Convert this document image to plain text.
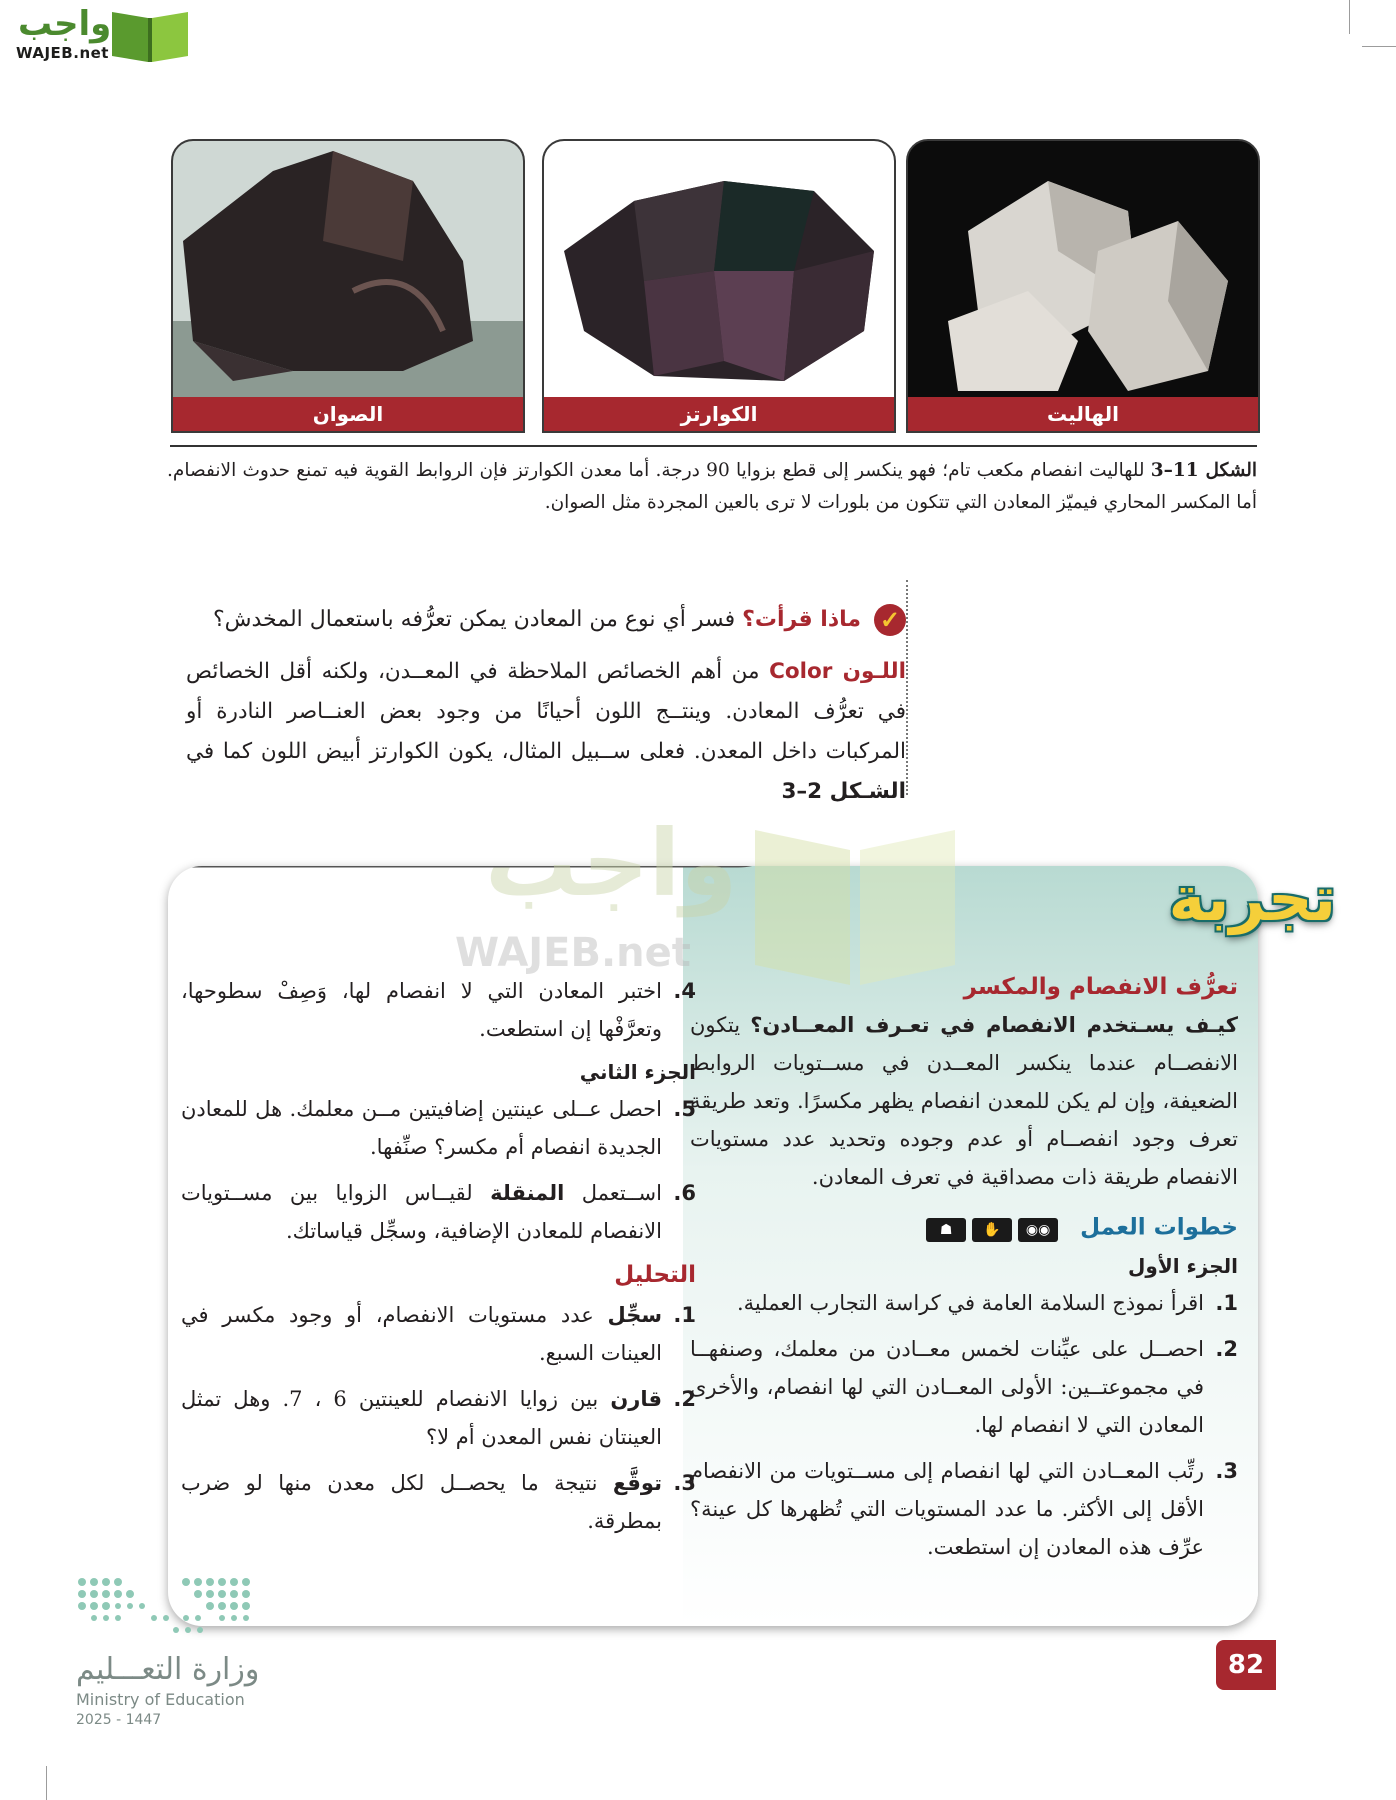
واجب
WAJEB.net
الهاليت
الكوارتز
الصوان
الشكل 11–3 للهاليت انفصام مكعب تام؛ فهو ينكسر إلى قطع بزوايا 90 درجة. أما معدن الكوارتز فإن الروابط القوية فيه تمنع حدوث الانفصام. أما المكسر المحاري فيميّز المعادن التي تتكون من بلورات لا ترى بالعين المجردة مثل الصوان.
✓ ماذا قرأت؟ فسر أي نوع من المعادن يمكن تعرُّفه باستعمال المخدش؟
اللـون Color من أهم الخصائص الملاحظة في المعــدن، ولكنه أقل الخصائص في تعرُّف المعادن. وينتــج اللون أحيانًا من وجود بعض العنــاصر النادرة أو المركبات داخل المعدن. فعلى ســبيل المثال، يكون الكوارتز أبيض اللون كما في الشـكل 2–3
واجب
WAJEB.net
تجربة
تعرُّف الانفصام والمكسر

كيـف يسـتخدم الانفصام في تعـرف المعــادن؟ يتكون الانفصــام عندما ينكسر المعــدن في مســتويات الروابط الضعيفة، وإن لم يكن للمعدن انفصام يظهر مكسرًا. وتعد طريقة تعرف وجود انفصــام أو عدم وجوده وتحديد عدد مستويات الانفصام طريقة ذات مصداقية في تعرف المعادن.

خطوات العمل ◉◉✋☗
الجزء الأول
1.
اقرأ نموذج السلامة العامة في كراسة التجارب العملية.
2.
احصــل على عيِّنات لخمس معــادن من معلمك، وصنفهــا في مجموعتــين: الأولى المعــادن التي لها انفصام، والأخرى المعادن التي لا انفصام لها.
3.
رتِّب المعــادن التي لها انفصام إلى مســتويات من الانفصام الأقل إلى الأكثر. ما عدد المستويات التي تُظهرها كل عينة؟ عرِّف هذه المعادن إن استطعت.
4.
اختبر المعادن التي لا انفصام لها، وَصِفْ سطوحها، وتعرَّفْها إن استطعت.
الجزء الثاني
5.
احصل عــلى عينتين إضافيتين مــن معلمك. هل للمعادن الجديدة انفصام أم مكسر؟ صنِّفها.
6.
اســتعمل المنقلة لقيــاس الزوايا بين مســتويات الانفصام للمعادن الإضافية، وسجِّل قياساتك.
التحليل
1.
سجِّل عدد مستويات الانفصام، أو وجود مكسر في العينات السبع.
2.
قارن بين زوايا الانفصام للعينتين 6 ، 7. وهل تمثل العينتان نفس المعدن أم لا؟
3.
توقَّع نتيجة ما يحصــل لكل معدن منها لو ضرب بمطرقة.
وزارة التعـــليم
Ministry of Education
2025 - 1447
82
